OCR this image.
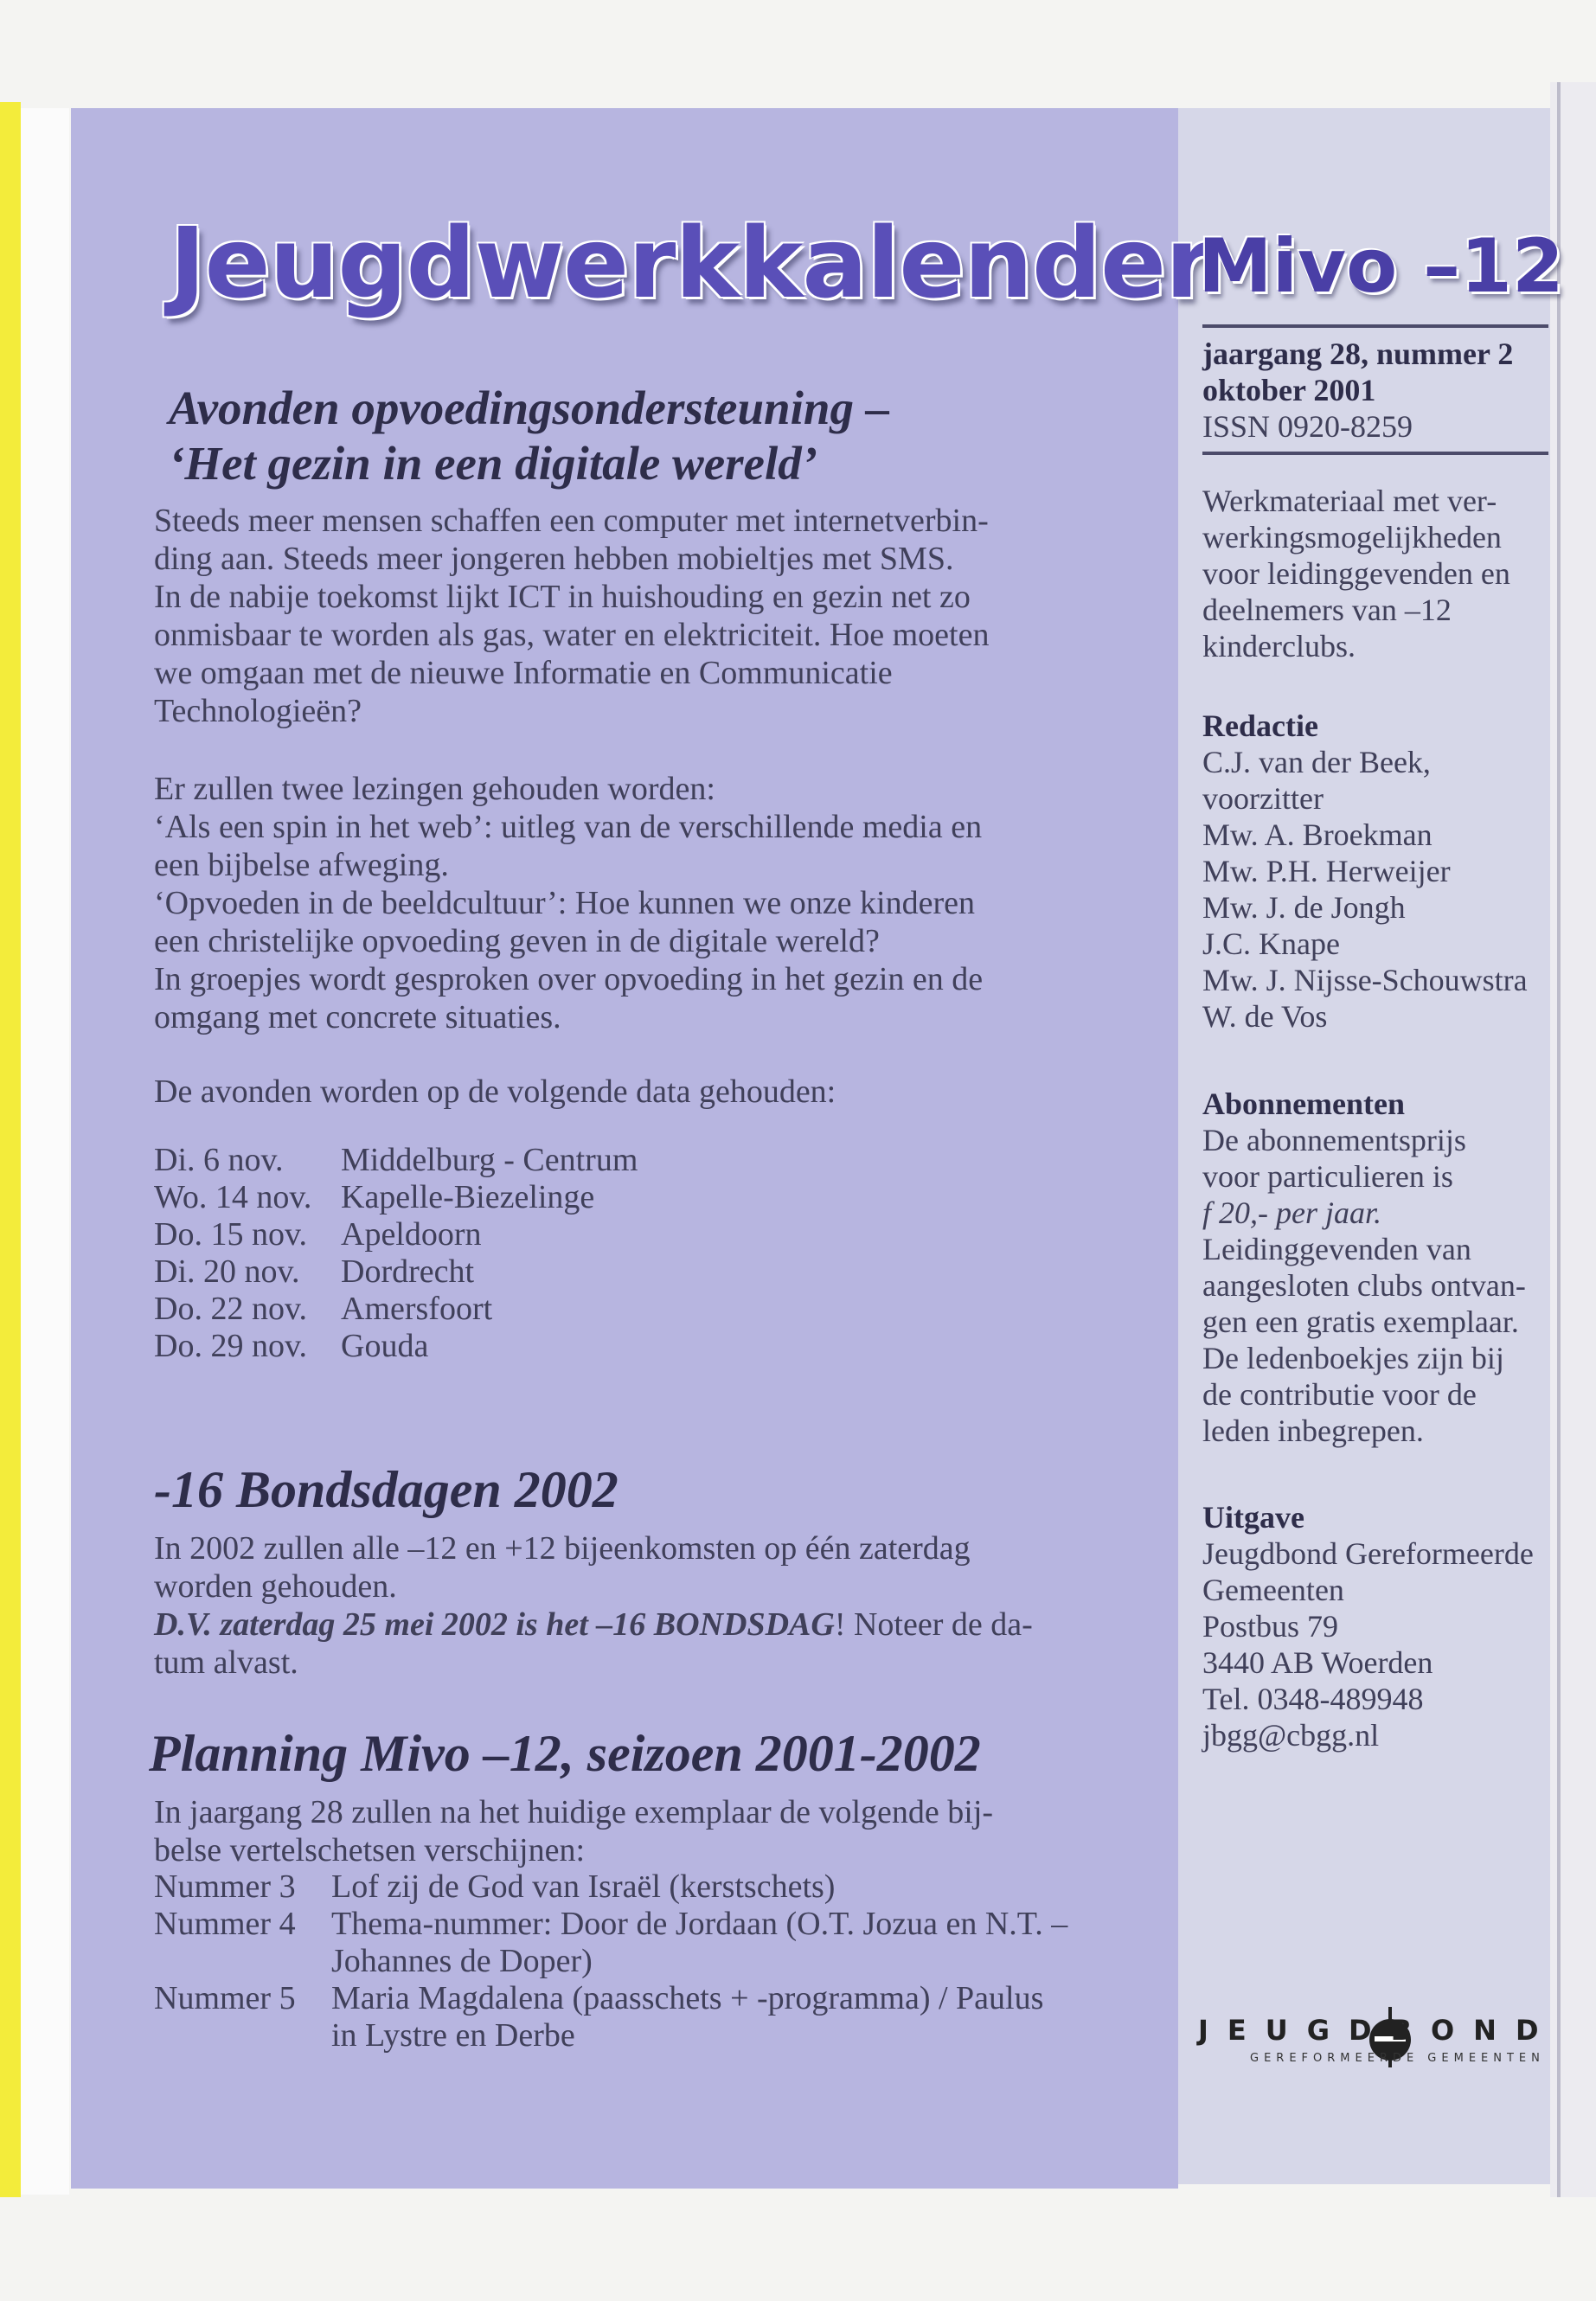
Jeugdwerkkalender
Mivo –12
Avonden opvoedingsondersteuning –
‘Het gezin in een digitale wereld’

Steeds meer mensen schaffen een computer met internetverbin-

ding aan. Steeds meer jongeren hebben mobieltjes met SMS.

In de nabije toekomst lijkt ICT in huishouding en gezin net zo

onmisbaar te worden als gas, water en elektriciteit. Hoe moeten

we omgaan met de nieuwe Informatie en Communicatie

Technologieën?

Er zullen twee lezingen gehouden worden:

‘Als een spin in het web’: uitleg van de verschillende media en

een bijbelse afweging.

‘Opvoeden in de beeldcultuur’: Hoe kunnen we onze kinderen

een christelijke opvoeding geven in de digitale wereld?

In groepjes wordt gesproken over opvoeding in het gezin en de

omgang met concrete situaties.

De avonden worden op de volgende data gehouden:
Di. 6 nov.	Middelburg - Centrum
Wo. 14 nov. Kapelle-Biezelinge
Do. 15 nov.	Apeldoorn
Di. 20 nov.	Dordrecht
Do. 22 nov.	Amersfoort
Do. 29 nov.	Gouda
-16 Bondsdagen 2002

In 2002 zullen alle –12 en +12 bijeenkomsten op één zaterdag

worden gehouden.

D.V. zaterdag 25 mei 2002 is het –16 BONDSDAG! Noteer de da-

tum alvast.

Planning Mivo –12, seizoen 2001-2002

In jaargang 28 zullen na het huidige exemplaar de volgende bij-

belse vertelschetsen verschijnen:

Nummer 3	Lof zij de God van Israël (kerstschets)
Nummer 4	Thema-nummer: Door de Jordaan (O.T. Jozua en N.T. – Johannes de Doper)
Nummer 5	Maria Magdalena (paasschets + -programma) / Paulus in Lystre en Derbe

jaargang 28, nummer 2

oktober 2001

ISSN 0920-8259

Werkmateriaal met ver-

werkingsmogelijkheden

voor leidinggevenden en

deelnemers van –12

kinderclubs.

Redactie

C.J. van der Beek,

voorzitter

Mw. A. Broekman

Mw. P.H. Herweijer

Mw. J. de Jongh

J.C. Knape

Mw. J. Nijsse-Schouwstra

W. de Vos

Abonnementen

De abonnementsprijs

voor particulieren is

f 20,- per jaar.

Leidinggevenden van

aangesloten clubs ontvan-

gen een gratis exemplaar.

De ledenboekjes zijn bij

de contributie voor de

leden inbegrepen.

Uitgave

Jeugdbond Gereformeerde

Gemeenten

Postbus 79

3440 AB Woerden

Tel. 0348-489948

jbgg@cbgg.nl

JEUGDBOND
GEREFORMEERDE GEMEENTEN
